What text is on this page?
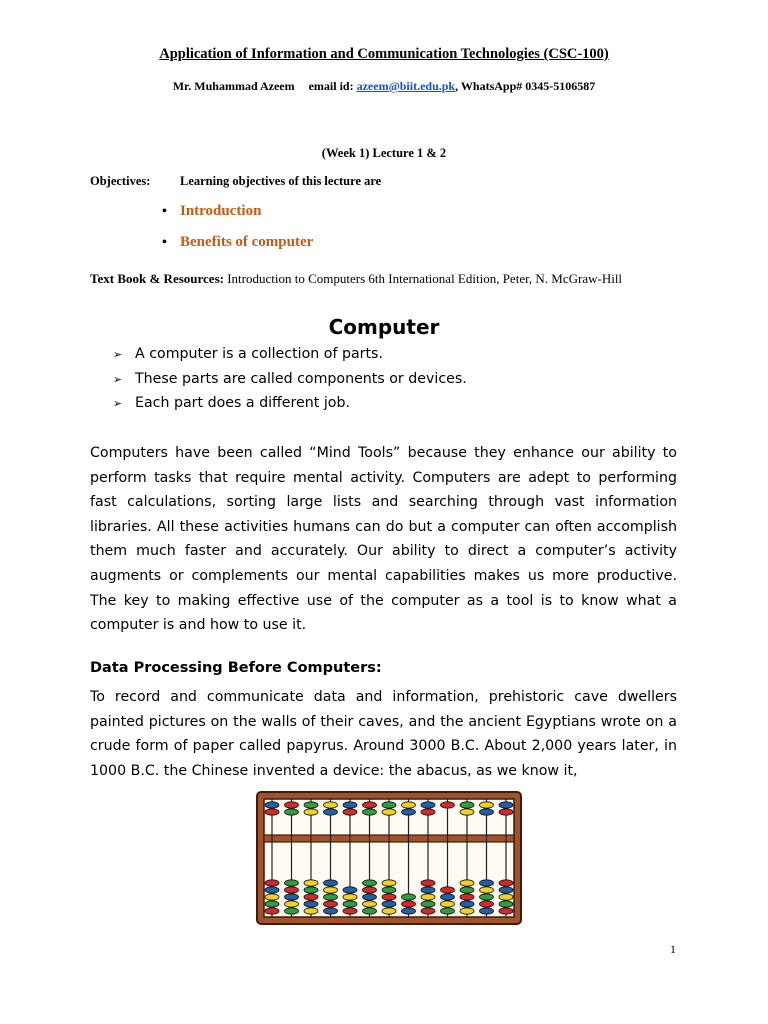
Application of Information and Communication Technologies (CSC-100)
Mr. Muhammad Azeem email id: azeem@biit.edu.pk, WhatsApp# 0345-5106587
(Week 1) Lecture 1 & 2
Objectives: Learning objectives of this lecture are
• Introduction
• Benefits of computer
Text Book & Resources: Introduction to Computers 6th International Edition, Peter, N. McGraw-Hill
Computer
➢ A computer is a collection of parts.
➢ These parts are called components or devices.
➢ Each part does a different job.
Computers have been called “Mind Tools” because they enhance our ability to perform tasks that require mental activity. Computers are adept to performing fast calculations, sorting large lists and searching through vast information libraries. All these activities humans can do but a computer can often accomplish them much faster and accurately. Our ability to direct a computer’s activity augments or complements our mental capabilities makes us more productive. The key to making effective use of the computer as a tool is to know what a computer is and how to use it.
Data Processing Before Computers:
To record and communicate data and information, prehistoric cave dwellers painted pictures on the walls of their caves, and the ancient Egyptians wrote on a crude form of paper called papyrus. Around 3000 B.C. About 2,000 years later, in 1000 B.C. the Chinese invented a device: the abacus, as we know it,
1
